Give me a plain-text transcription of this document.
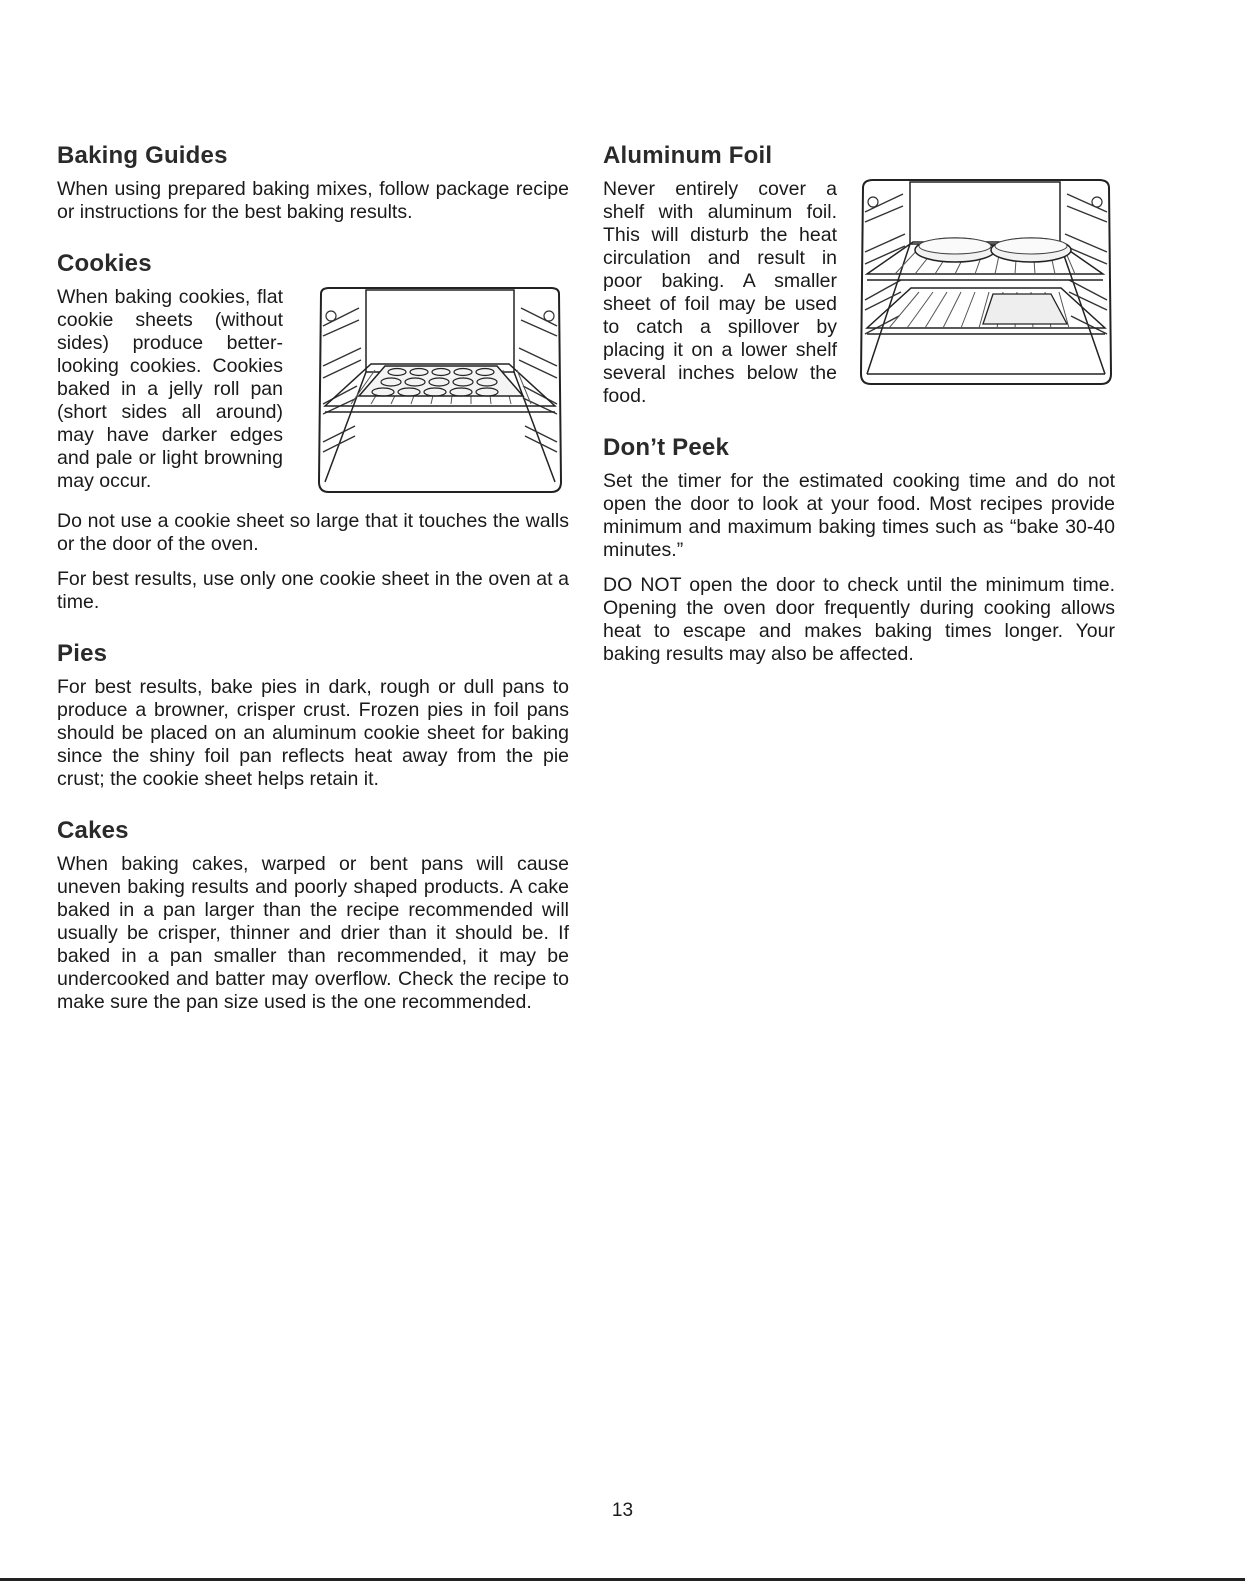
Baking Guides

When using prepared baking mixes, follow package recipe or instructions for the best baking results.

Cookies

When baking cookies, flat cookie sheets (without sides) produce better-looking cookies. Cookies baked in a jelly roll pan (short sides all around) may have darker edges and pale or light browning may occur.

Do not use a cookie sheet so large that it touches the walls or the door of the oven.

For best results, use only one cookie sheet in the oven at a time.

Pies

For best results, bake pies in dark, rough or dull pans to produce a browner, crisper crust. Frozen pies in foil pans should be placed on an aluminum cookie sheet for baking since the shiny foil pan reflects heat away from the pie crust; the cookie sheet helps retain it.

Cakes

When baking cakes, warped or bent pans will cause uneven baking results and poorly shaped products. A cake baked in a pan larger than the recipe recommended will usually be crisper, thinner and drier than it should be. If baked in a pan smaller than recommended, it may be undercooked and batter may overflow. Check the recipe to make sure the pan size used is the one recommended.

Aluminum Foil

Never entirely cover a shelf with aluminum foil. This will disturb the heat circulation and result in poor baking. A smaller sheet of foil may be used to catch a spillover by placing it on a lower shelf several inches below the food.

Don’t Peek

Set the timer for the estimated cooking time and do not open the door to look at your food. Most recipes provide minimum and maximum baking times such as “bake 30-40 minutes.”

DO NOT open the door to check until the minimum time. Opening the oven door frequently during cooking allows heat to escape and makes baking times longer. Your baking results may also be affected.

13
